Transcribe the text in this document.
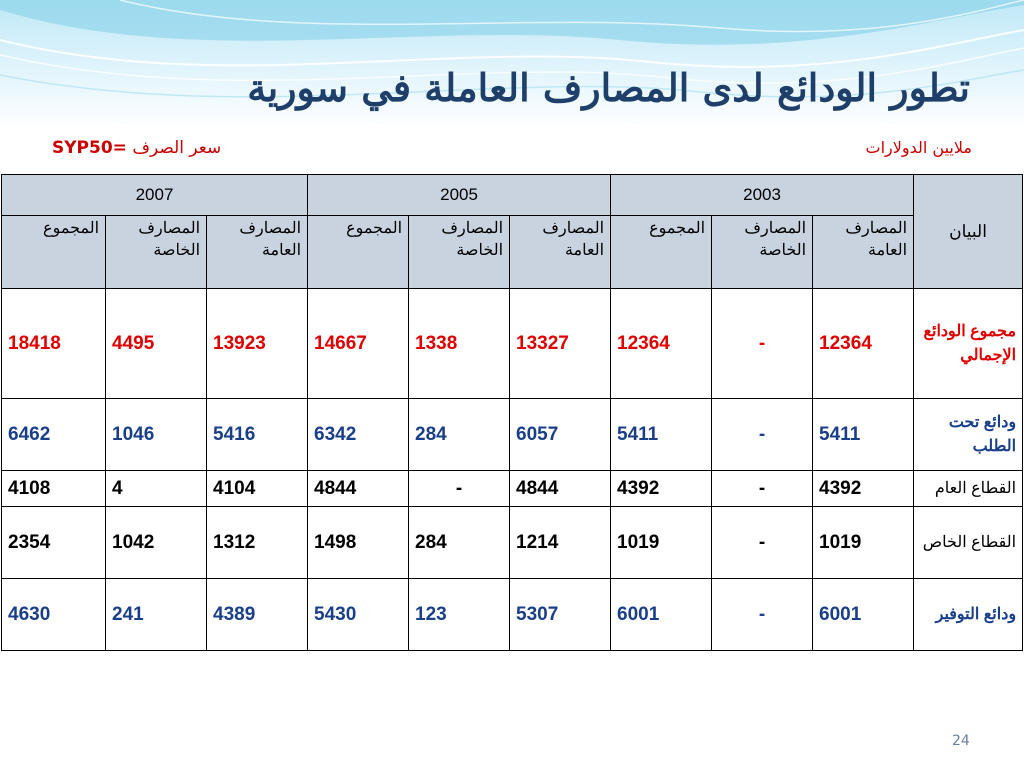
تطور الودائع لدى المصارف العاملة في سورية
SYP50= سعر الصرف	ملايين الدولارات
البيان	2003			2005			2007		
	المصارف العامة	المصارف الخاصة	المجموع	المصارف العامة	المصارف الخاصة	المجموع	المصارف العامة	المصارف الخاصة	المجموع
مجموع الودائع الإجمالي	12364	-	12364	13327	1338	14667	13923	4495	18418
ودائع تحت الطلب	5411	-	5411	6057	284	6342	5416	1046	6462
القطاع العام	4392	-	4392	4844	-	4844	4104	4	4108
القطاع الخاص	1019	-	1019	1214	284	1498	1312	1042	2354
ودائع التوفير	6001	-	6001	5307	123	5430	4389	241	4630
24
